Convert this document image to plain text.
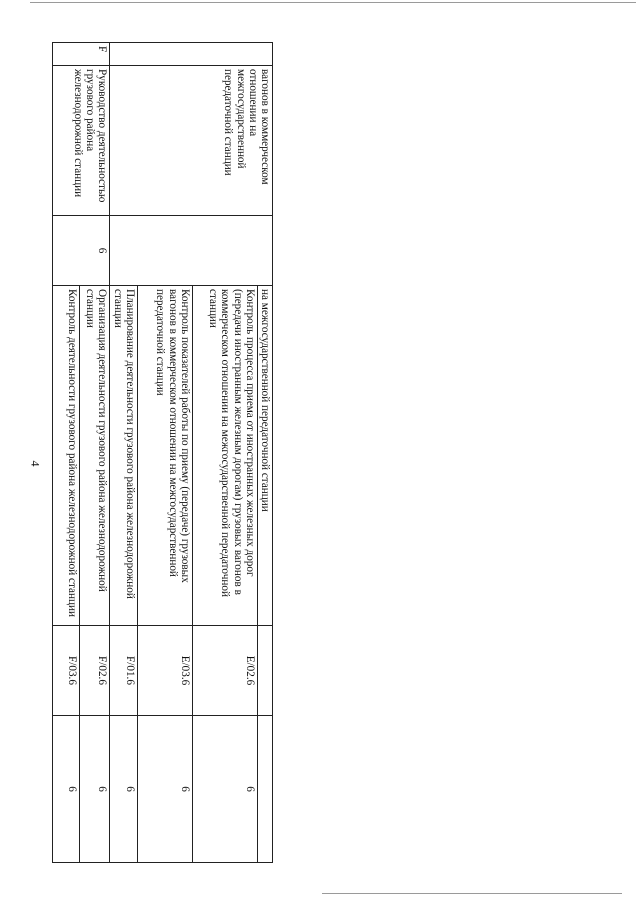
4
	вагонов в коммерческом отношении на межгосударственной передаточной станции		на межгосударственной передаточной станции		
			Контроль процесса приема от иностранных железных дорог (передачи иностранным железным дорогам) грузовых вагонов в коммерческом отношении на межгосударственной передаточной станции	E/02.6	6
			Контроль показателей работы по приему (передаче) грузовых вагонов в коммерческом отношении на межгосударственной передаточной станции	E/03.6	6
			Планирование деятельности грузового района железнодорожной станции	F/01.6	6
F	Руководство деятельностью грузового района железнодорожной станции	6	Организация деятельности грузового района железнодорожной станции	F/02.6	6
			Контроль деятельности грузового района железнодорожной станции	F/03.6	6
